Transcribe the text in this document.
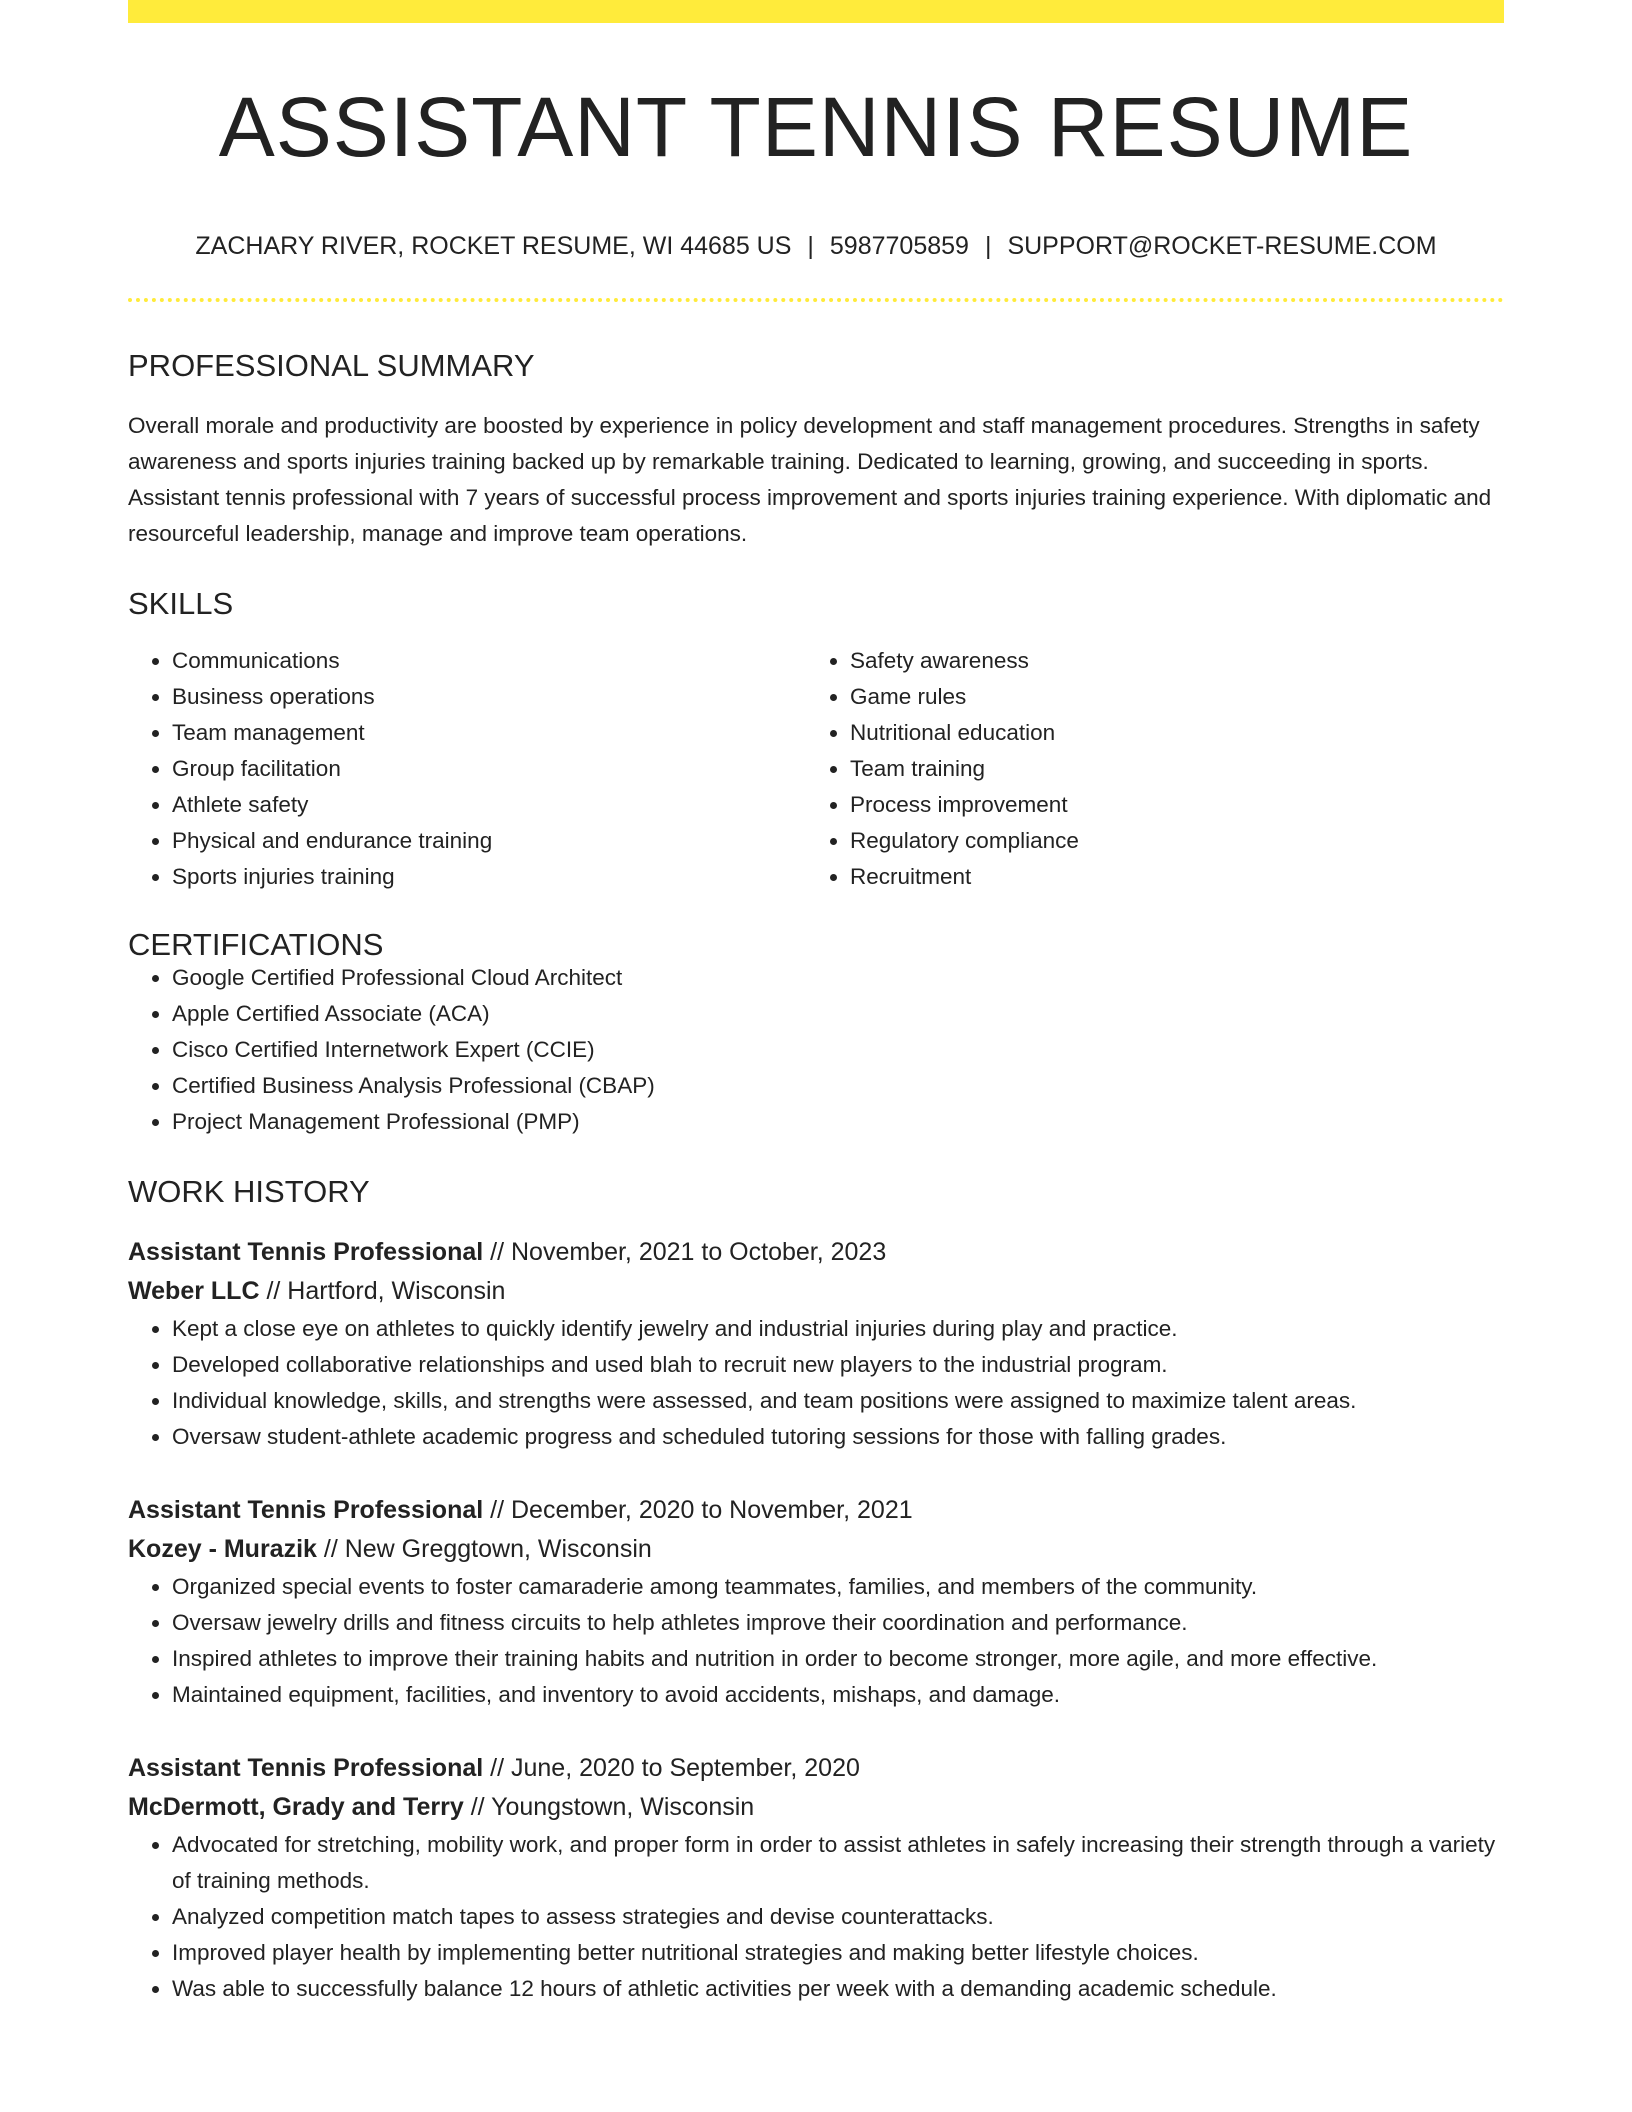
ASSISTANT TENNIS RESUME
ZACHARY RIVER, ROCKET RESUME, WI 44685 US | 5987705859 | SUPPORT@ROCKET-RESUME.COM
PROFESSIONAL SUMMARY

Overall morale and productivity are boosted by experience in policy development and staff management procedures. Strengths in safety awareness and sports injuries training backed up by remarkable training. Dedicated to learning, growing, and succeeding in sports. Assistant tennis professional with 7 years of successful process improvement and sports injuries training experience. With diplomatic and resourceful leadership, manage and improve team operations.

SKILLS
• Communications
• Business operations
• Team management
• Group facilitation
• Athlete safety
• Physical and endurance training
• Sports injuries training
• Safety awareness
• Game rules
• Nutritional education
• Team training
• Process improvement
• Regulatory compliance
• Recruitment
CERTIFICATIONS
• Google Certified Professional Cloud Architect
• Apple Certified Associate (ACA)
• Cisco Certified Internetwork Expert (CCIE)
• Certified Business Analysis Professional (CBAP)
• Project Management Professional (PMP)
WORK HISTORY
Assistant Tennis Professional // November, 2021 to October, 2023
Weber LLC // Hartford, Wisconsin
• Kept a close eye on athletes to quickly identify jewelry and industrial injuries during play and practice.
• Developed collaborative relationships and used blah to recruit new players to the industrial program.
• Individual knowledge, skills, and strengths were assessed, and team positions were assigned to maximize talent areas.
• Oversaw student-athlete academic progress and scheduled tutoring sessions for those with falling grades.
Assistant Tennis Professional // December, 2020 to November, 2021
Kozey - Murazik // New Greggtown, Wisconsin
• Organized special events to foster camaraderie among teammates, families, and members of the community.
• Oversaw jewelry drills and fitness circuits to help athletes improve their coordination and performance.
• Inspired athletes to improve their training habits and nutrition in order to become stronger, more agile, and more effective.
• Maintained equipment, facilities, and inventory to avoid accidents, mishaps, and damage.
Assistant Tennis Professional // June, 2020 to September, 2020
McDermott, Grady and Terry // Youngstown, Wisconsin
• Advocated for stretching, mobility work, and proper form in order to assist athletes in safely increasing their strength through a variety of training methods.
• Analyzed competition match tapes to assess strategies and devise counterattacks.
• Improved player health by implementing better nutritional strategies and making better lifestyle choices.
• Was able to successfully balance 12 hours of athletic activities per week with a demanding academic schedule.
